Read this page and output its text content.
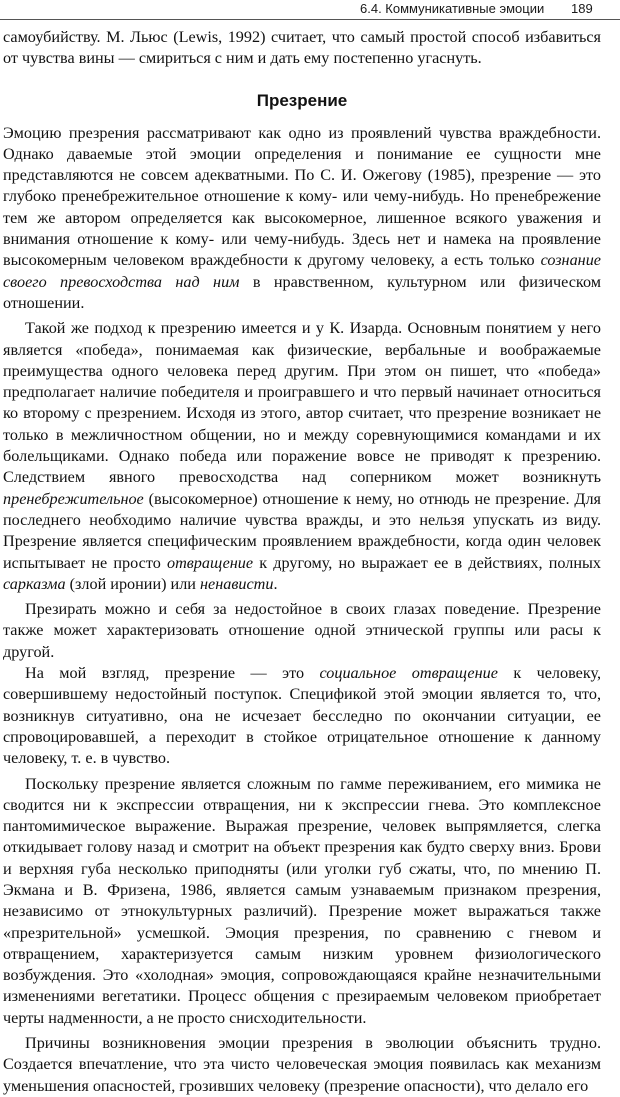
6.4. Коммуникативные эмоции 189

самоубийству. М. Льюс (Lewis, 1992) считает, что самый простой способ избавиться от чувства вины — смириться с ним и дать ему постепенно угаснуть.

Презрение

Эмоцию презрения рассматривают как одно из проявлений чувства враждебности. Однако даваемые этой эмоции определения и понимание ее сущности мне представляются не совсем адекватными. По С. И. Ожегову (1985), презрение — это глубоко пренебрежительное отношение к кому- или чему-нибудь. Но пренебрежение тем же автором определяется как высокомерное, лишенное всякого уважения и внимания отношение к кому- или чему-нибудь. Здесь нет и намека на проявление высокомерным человеком враждебности к другому человеку, а есть только сознание своего превосходства над ним в нравственном, культурном или физическом отношении.

Такой же подход к презрению имеется и у К. Изарда. Основным понятием у него является «победа», понимаемая как физические, вербальные и воображаемые преимущества одного человека перед другим. При этом он пишет, что «победа» предполагает наличие победителя и проигравшего и что первый начинает относиться ко второму с презрением. Исходя из этого, автор считает, что презрение возникает не только в межличностном общении, но и между соревнующимися командами и их болельщиками. Однако победа или поражение вовсе не приводят к презрению. Следствием явного превосходства над соперником может возникнуть пренебрежительное (высокомерное) отношение к нему, но отнюдь не презрение. Для последнего необходимо наличие чувства вражды, и это нельзя упускать из виду. Презрение является специфическим проявлением враждебности, когда один человек испытывает не просто отвращение к другому, но выражает ее в действиях, полных сарказма (злой иронии) или ненависти.

Презирать можно и себя за недостойное в своих глазах поведение. Презрение также может характеризовать отношение одной этнической группы или расы к другой.

На мой взгляд, презрение — это социальное отвращение к человеку, совершившему недостойный поступок. Спецификой этой эмоции является то, что, возникнув ситуативно, она не исчезает бесследно по окончании ситуации, ее спровоцировавшей, а переходит в стойкое отрицательное отношение к данному человеку, т. е. в чувство.

Поскольку презрение является сложным по гамме переживанием, его мимика не сводится ни к экспрессии отвращения, ни к экспрессии гнева. Это комплексное пантомимическое выражение. Выражая презрение, человек выпрямляется, слегка откидывает голову назад и смотрит на объект презрения как будто сверху вниз. Брови и верхняя губа несколько приподняты (или уголки губ сжаты, что, по мнению П. Экмана и В. Фризена, 1986, является самым узнаваемым признаком презрения, независимо от этнокультурных различий). Презрение может выражаться также «презрительной» усмешкой. Эмоция презрения, по сравнению с гневом и отвращением, характеризуется самым низким уровнем физиологического возбуждения. Это «холодная» эмоция, сопровождающаяся крайне незначительными изменениями вегетатики. Процесс общения с презираемым человеком приобретает черты надменности, а не просто снисходительности.

Причины возникновения эмоции презрения в эволюции объяснить трудно. Создается впечатление, что эта чисто человеческая эмоция появилась как механизм уменьшения опасностей, грозивших человеку (презрение опасности), что делало его
